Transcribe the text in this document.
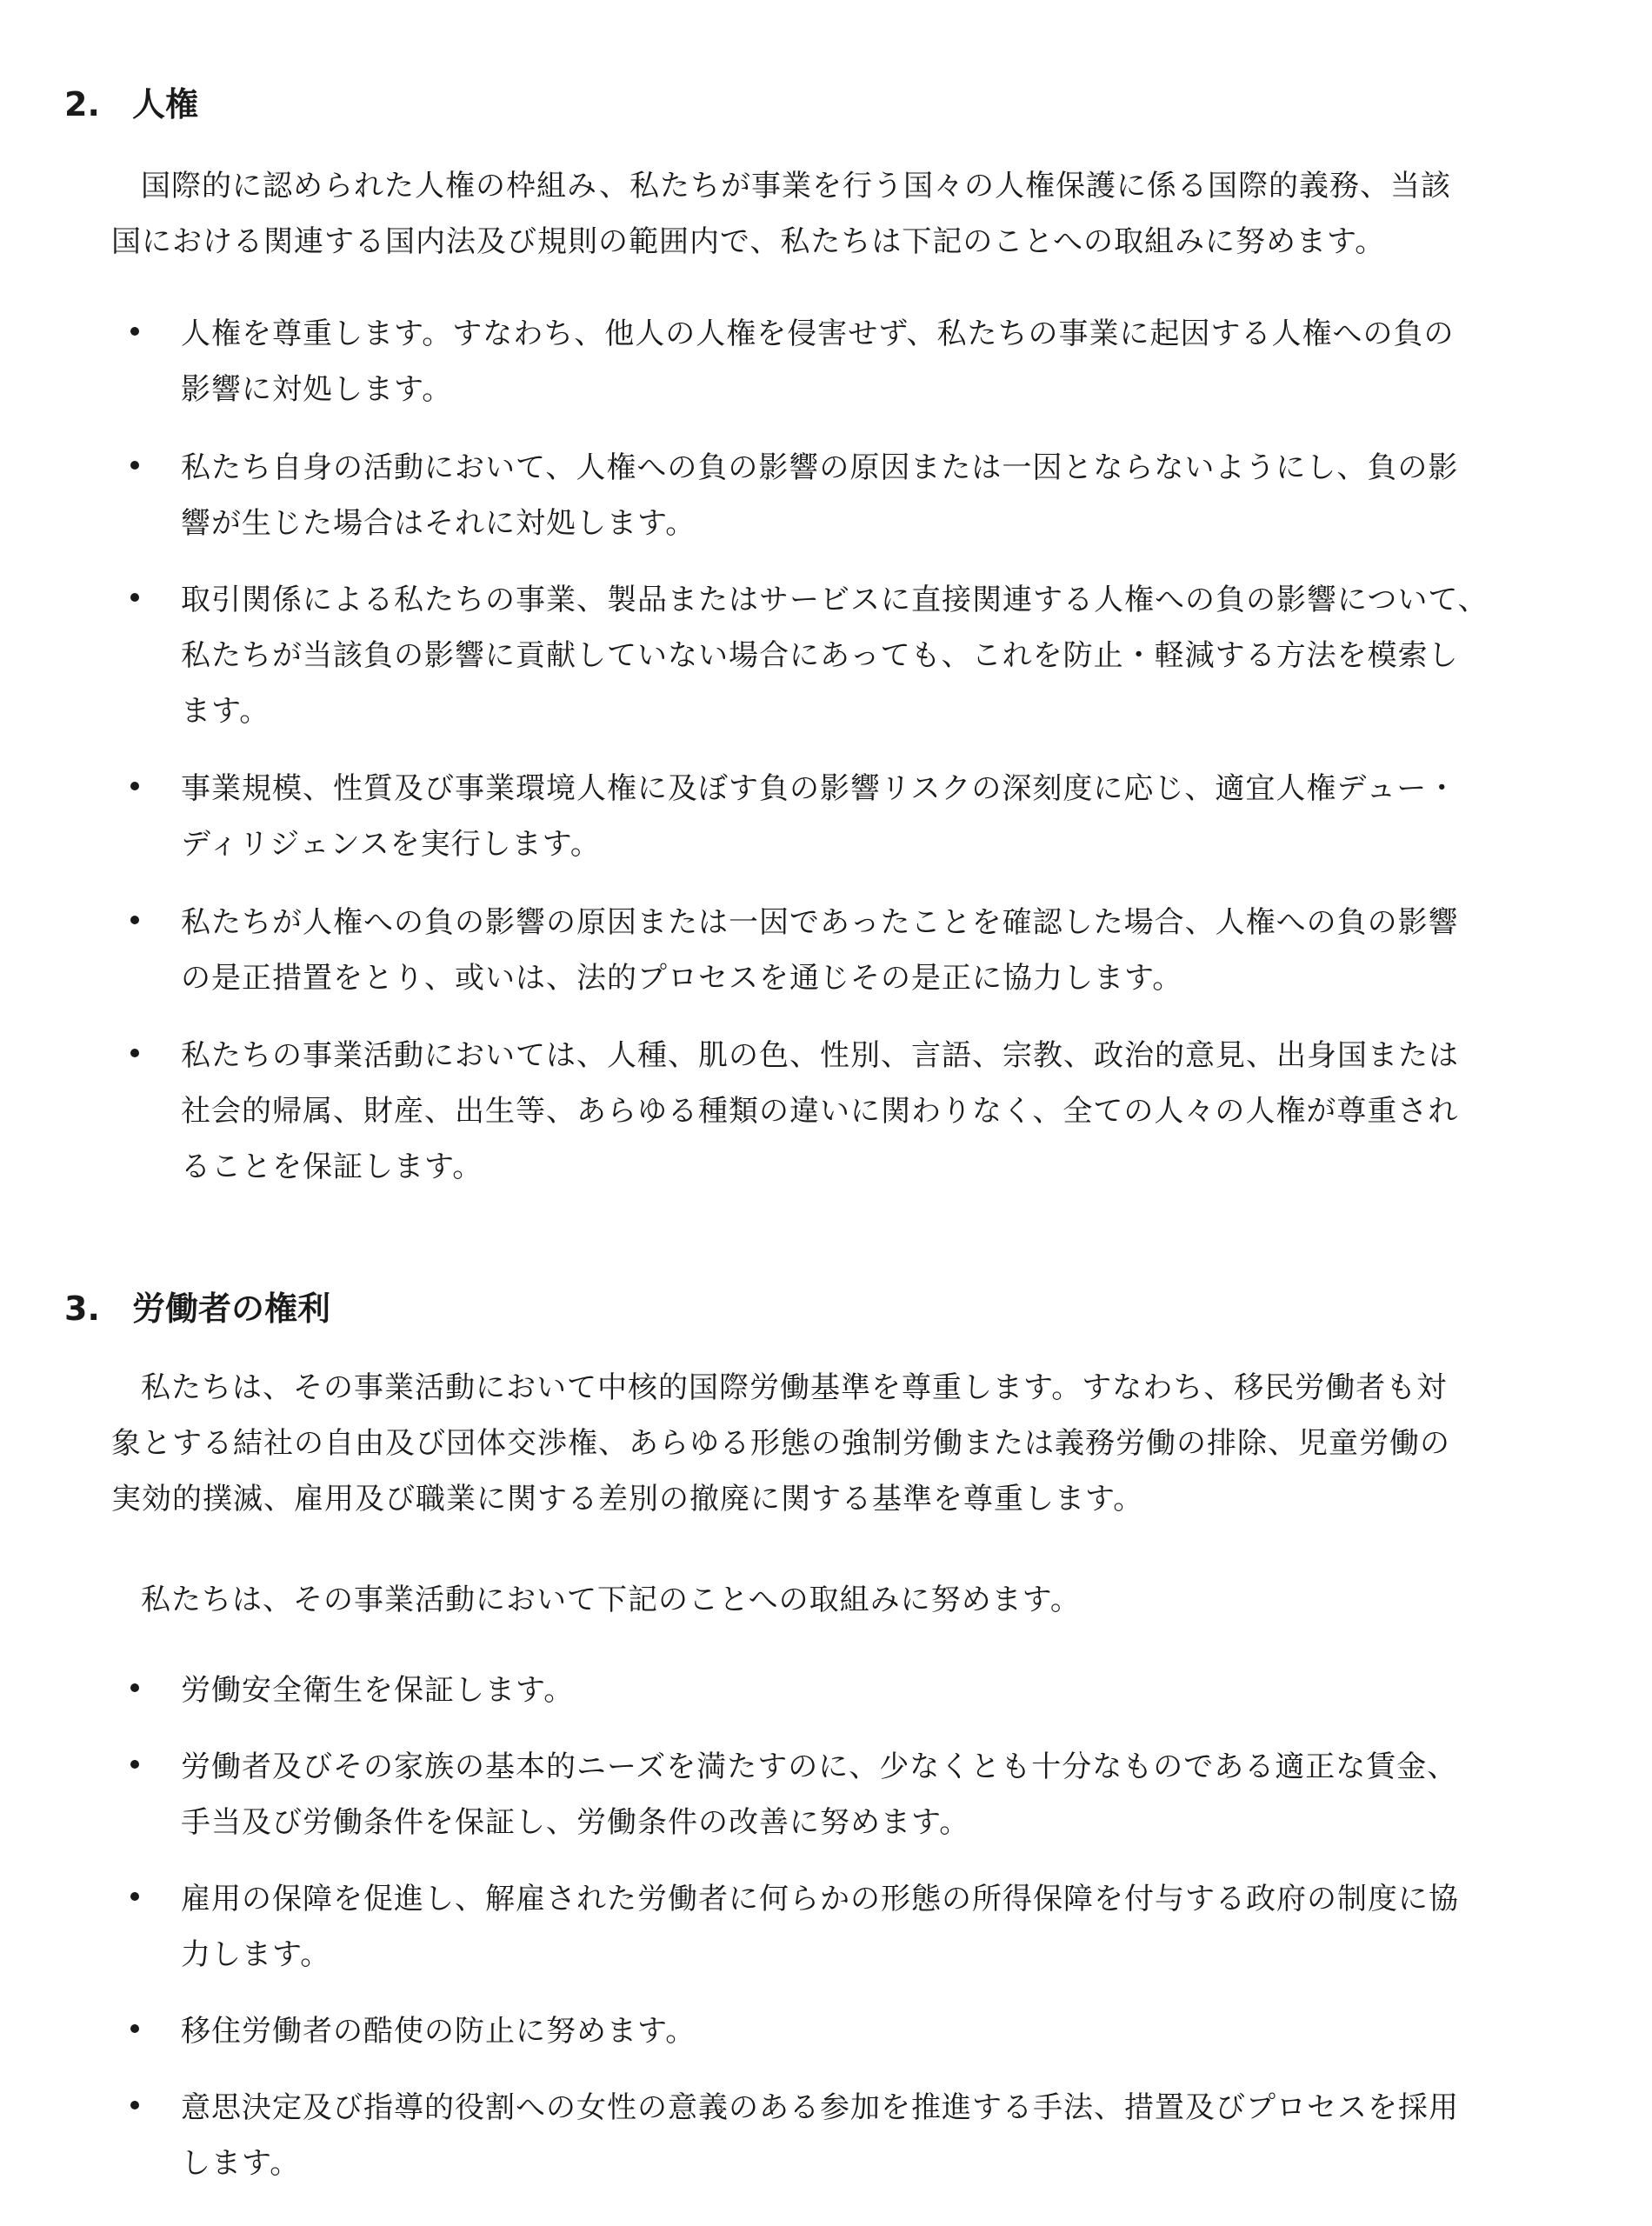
2. 人権
国際的に認められた人権の枠組み、私たちが事業を行う国々の人権保護に係る国際的義務、当該
国における関連する国内法及び規則の範囲内で、私たちは下記のことへの取組みに努めます。
人権を尊重します。すなわち、他人の人権を侵害せず、私たちの事業に起因する人権への負の
影響に対処します。
私たち自身の活動において、人権への負の影響の原因または一因とならないようにし、負の影
響が生じた場合はそれに対処します。
取引関係による私たちの事業、製品またはサービスに直接関連する人権への負の影響について、
私たちが当該負の影響に貢献していない場合にあっても、これを防止・軽減する方法を模索し
ます。
事業規模、性質及び事業環境人権に及ぼす負の影響リスクの深刻度に応じ、適宜人権デュー・
ディリジェンスを実行します。
私たちが人権への負の影響の原因または一因であったことを確認した場合、人権への負の影響
の是正措置をとり、或いは、法的プロセスを通じその是正に協力します。
私たちの事業活動においては、人種、肌の色、性別、言語、宗教、政治的意見、出身国または
社会的帰属、財産、出生等、あらゆる種類の違いに関わりなく、全ての人々の人権が尊重され
ることを保証します。
3. 労働者の権利
私たちは、その事業活動において中核的国際労働基準を尊重します。すなわち、移民労働者も対
象とする結社の自由及び団体交渉権、あらゆる形態の強制労働または義務労働の排除、児童労働の
実効的撲滅、雇用及び職業に関する差別の撤廃に関する基準を尊重します。
私たちは、その事業活動において下記のことへの取組みに努めます。
労働安全衛生を保証します。
労働者及びその家族の基本的ニーズを満たすのに、少なくとも十分なものである適正な賃金、
手当及び労働条件を保証し、労働条件の改善に努めます。
雇用の保障を促進し、解雇された労働者に何らかの形態の所得保障を付与する政府の制度に協
力します。
移住労働者の酷使の防止に努めます。
意思決定及び指導的役割への女性の意義のある参加を推進する手法、措置及びプロセスを採用
します。
